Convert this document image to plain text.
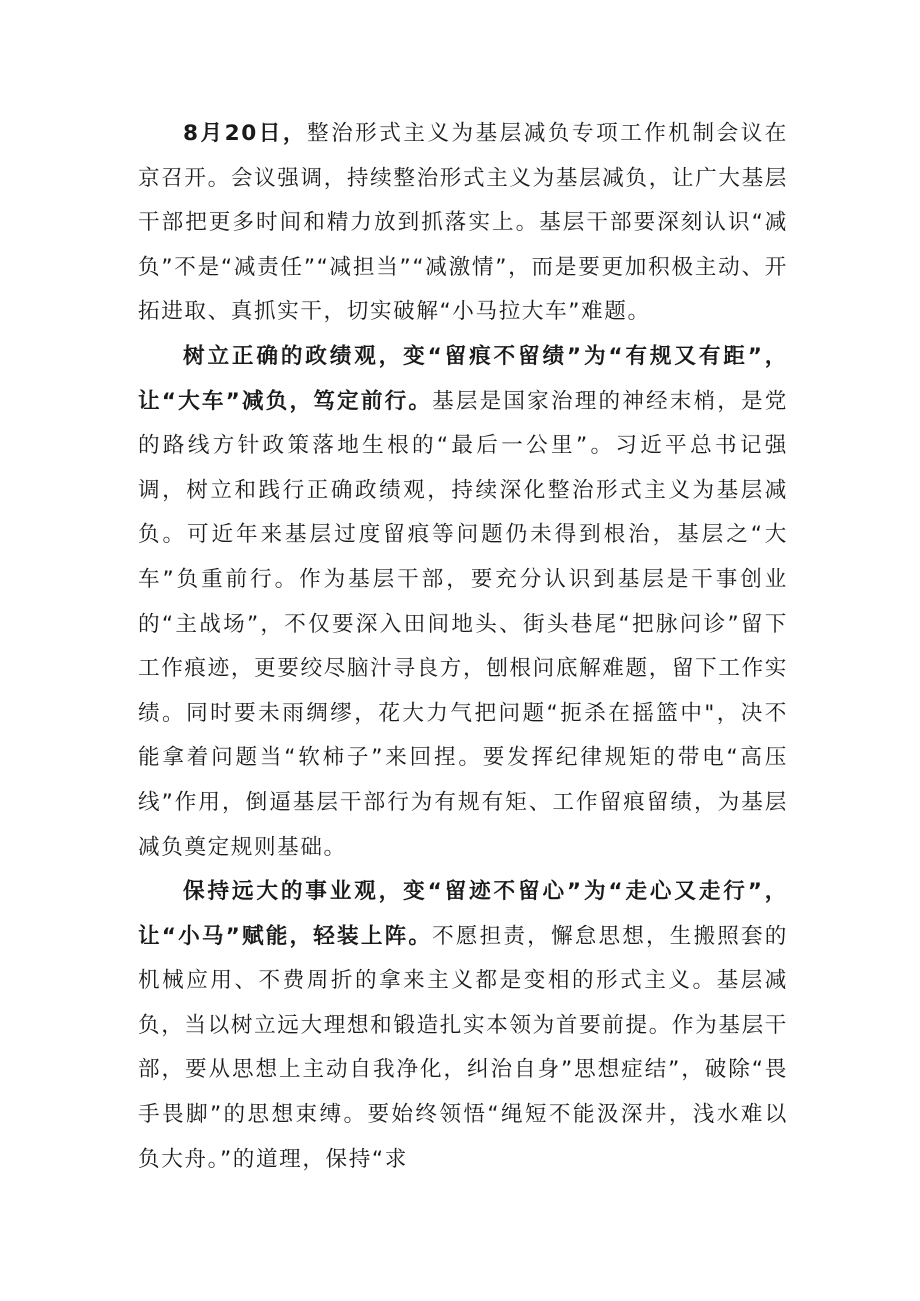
8月20日，整治形式主义为基层减负专项工作机制会议在京召开。会议强调，持续整治形式主义为基层减负，让广大基层干部把更多时间和精力放到抓落实上。基层干部要深刻认识“减负”不是“减责任”“减担当”“减激情”，而是要更加积极主动、开拓进取、真抓实干，切实破解“小马拉大车”难题。

树立正确的政绩观，变“留痕不留绩”为“有规又有距”，让“大车”减负，笃定前行。基层是国家治理的神经末梢，是党的路线方针政策落地生根的“最后一公里”。习近平总书记强调，树立和践行正确政绩观，持续深化整治形式主义为基层减负。可近年来基层过度留痕等问题仍未得到根治，基层之“大车”负重前行。作为基层干部，要充分认识到基层是干事创业的“主战场”，不仅要深入田间地头、街头巷尾“把脉问诊”留下工作痕迹，更要绞尽脑汁寻良方，刨根问底解难题，留下工作实绩。同时要未雨绸缪，花大力气把问题“扼杀在摇篮中"，决不能拿着问题当“软柿子”来回捏。要发挥纪律规矩的带电“高压线”作用，倒逼基层干部行为有规有矩、工作留痕留绩，为基层减负奠定规则基础。

保持远大的事业观，变“留迹不留心”为“走心又走行”，让“小马”赋能，轻装上阵。不愿担责，懈怠思想，生搬照套的机械应用、不费周折的拿来主义都是变相的形式主义。基层减负，当以树立远大理想和锻造扎实本领为首要前提。作为基层干部，要从思想上主动自我净化，纠治自身”思想症结”，破除“畏手畏脚”的思想束缚。要始终领悟“绳短不能汲深井，浅水难以负大舟。”的道理，保持“求
